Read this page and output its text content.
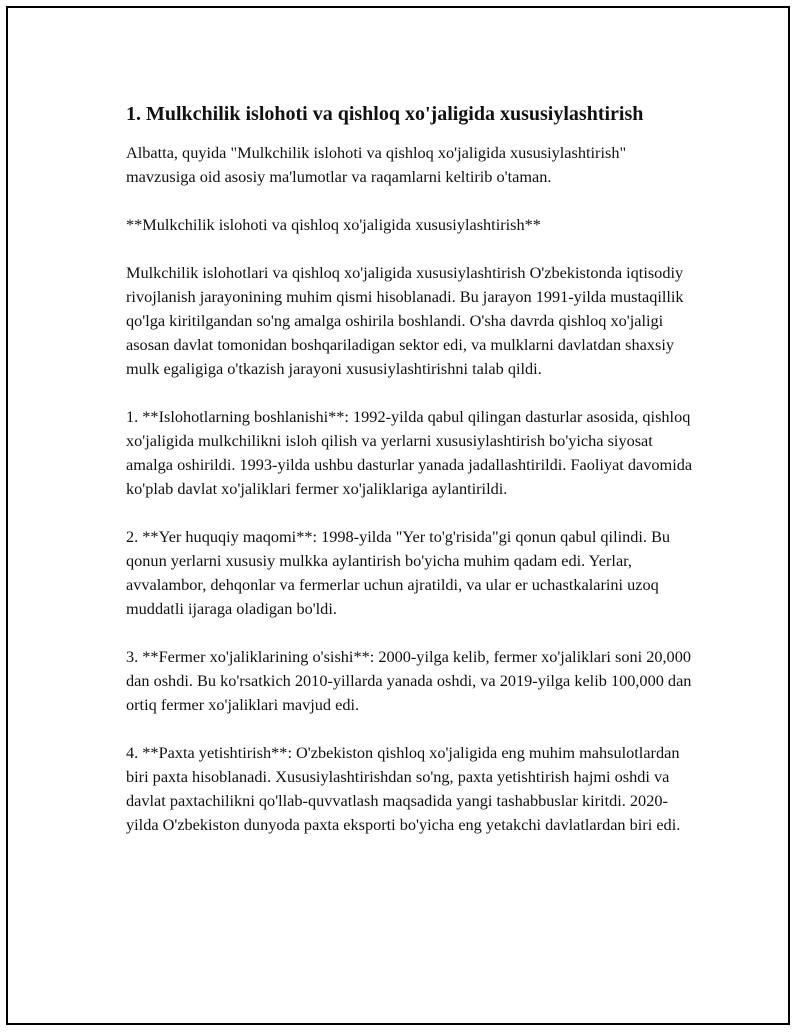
1. Mulkchilik islohoti va qishloq xo'jaligida xususiylashtirish

Albatta, quyida "Mulkchilik islohoti va qishloq xo'jaligida xususiylashtirish" mavzusiga oid asosiy ma'lumotlar va raqamlarni keltirib o'taman.

**Mulkchilik islohoti va qishloq xo'jaligida xususiylashtirish**

Mulkchilik islohotlari va qishloq xo'jaligida xususiylashtirish O'zbekistonda iqtisodiy rivojlanish jarayonining muhim qismi hisoblanadi. Bu jarayon 1991-yilda mustaqillik qo'lga kiritilgandan so'ng amalga oshirila boshlandi. O'sha davrda qishloq xo'jaligi asosan davlat tomonidan boshqariladigan sektor edi, va mulklarni davlatdan shaxsiy mulk egaligiga o'tkazish jarayoni xususiylashtirishni talab qildi.

1. **Islohotlarning boshlanishi**: 1992-yilda qabul qilingan dasturlar asosida, qishloq xo'jaligida mulkchilikni isloh qilish va yerlarni xususiylashtirish bo'yicha siyosat amalga oshirildi. 1993-yilda ushbu dasturlar yanada jadallashtirildi. Faoliyat davomida ko'plab davlat xo'jaliklari fermer xo'jaliklariga aylantirildi.

2. **Yer huquqiy maqomi**: 1998-yilda "Yer to'g'risida"gi qonun qabul qilindi. Bu qonun yerlarni xususiy mulkka aylantirish bo'yicha muhim qadam edi. Yerlar, avvalambor, dehqonlar va fermerlar uchun ajratildi, va ular er uchastkalarini uzoq muddatli ijaraga oladigan bo'ldi.

3. **Fermer xo'jaliklarining o'sishi**: 2000-yilga kelib, fermer xo'jaliklari soni 20,000 dan oshdi. Bu ko'rsatkich 2010-yillarda yanada oshdi, va 2019-yilga kelib 100,000 dan ortiq fermer xo'jaliklari mavjud edi.

4. **Paxta yetishtirish**: O'zbekiston qishloq xo'jaligida eng muhim mahsulotlardan biri paxta hisoblanadi. Xususiylashtirishdan so'ng, paxta yetishtirish hajmi oshdi va davlat paxtachilikni qo'llab-quvvatlash maqsadida yangi tashabbuslar kiritdi. 2020-yilda O'zbekiston dunyoda paxta eksporti bo'yicha eng yetakchi davlatlardan biri edi.
